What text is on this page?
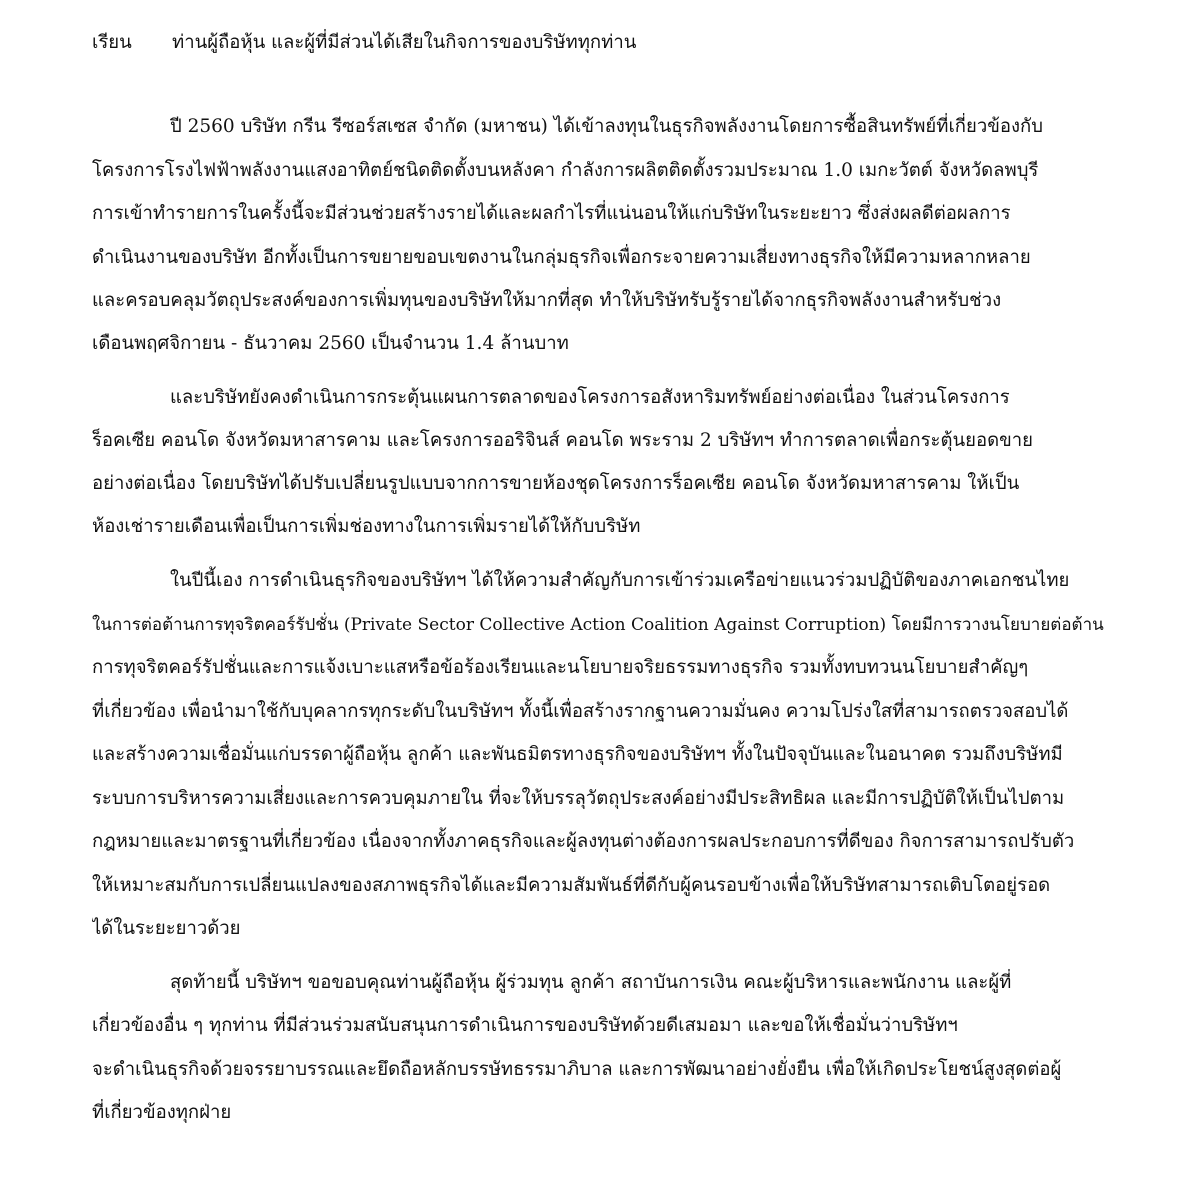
เรียน ท่านผู้ถือหุ้น และผู้ที่มีส่วนได้เสียในกิจการของบริษัททุกท่าน
ปี 2560 บริษัท กรีน รีซอร์สเซส จำกัด (มหาชน) ได้เข้าลงทุนในธุรกิจพลังงานโดยการซื้อสินทรัพย์ที่เกี่ยวข้องกับ
โครงการโรงไฟฟ้าพลังงานแสงอาทิตย์ชนิดติดตั้งบนหลังคา กำลังการผลิตติดตั้งรวมประมาณ 1.0 เมกะวัตต์ จังหวัดลพบุรี
การเข้าทำรายการในครั้งนี้จะมีส่วนช่วยสร้างรายได้และผลกำไรที่แน่นอนให้แก่บริษัทในระยะยาว ซึ่งส่งผลดีต่อผลการ
ดำเนินงานของบริษัท อีกทั้งเป็นการขยายขอบเขตงานในกลุ่มธุรกิจเพื่อกระจายความเสี่ยงทางธุรกิจให้มีความหลากหลาย
และครอบคลุมวัตถุประสงค์ของการเพิ่มทุนของบริษัทให้มากที่สุด ทำให้บริษัทรับรู้รายได้จากธุรกิจพลังงานสำหรับช่วง
เดือนพฤศจิกายน - ธันวาคม 2560 เป็นจำนวน 1.4 ล้านบาท
และบริษัทยังคงดำเนินการกระตุ้นแผนการตลาดของโครงการอสังหาริมทรัพย์อย่างต่อเนื่อง ในส่วนโครงการ
ร็อคเซีย คอนโด จังหวัดมหาสารคาม และโครงการออริจินส์ คอนโด พระราม 2 บริษัทฯ ทำการตลาดเพื่อกระตุ้นยอดขาย
อย่างต่อเนื่อง โดยบริษัทได้ปรับเปลี่ยนรูปแบบจากการขายห้องชุดโครงการร็อคเซีย คอนโด จังหวัดมหาสารคาม ให้เป็น
ห้องเช่ารายเดือนเพื่อเป็นการเพิ่มช่องทางในการเพิ่มรายได้ให้กับบริษัท
ในปีนี้เอง การดำเนินธุรกิจของบริษัทฯ ได้ให้ความสำคัญกับการเข้าร่วมเครือข่ายแนวร่วมปฏิบัติของภาคเอกชนไทย
ในการต่อต้านการทุจริตคอร์รัปชั่น (Private Sector Collective Action Coalition Against Corruption) โดยมีการวางนโยบายต่อต้าน
การทุจริตคอร์รัปชั่นและการแจ้งเบาะแสหรือข้อร้องเรียนและนโยบายจริยธรรมทางธุรกิจ รวมทั้งทบทวนนโยบายสำคัญๆ
ที่เกี่ยวข้อง เพื่อนำมาใช้กับบุคลากรทุกระดับในบริษัทฯ ทั้งนี้เพื่อสร้างรากฐานความมั่นคง ความโปร่งใสที่สามารถตรวจสอบได้
และสร้างความเชื่อมั่นแก่บรรดาผู้ถือหุ้น ลูกค้า และพันธมิตรทางธุรกิจของบริษัทฯ ทั้งในปัจจุบันและในอนาคต รวมถึงบริษัทมี
ระบบการบริหารความเสี่ยงและการควบคุมภายใน ที่จะให้บรรลุวัตถุประสงค์อย่างมีประสิทธิผล และมีการปฏิบัติให้เป็นไปตาม
กฎหมายและมาตรฐานที่เกี่ยวข้อง เนื่องจากทั้งภาคธุรกิจและผู้ลงทุนต่างต้องการผลประกอบการที่ดีของ กิจการสามารถปรับตัว
ให้เหมาะสมกับการเปลี่ยนแปลงของสภาพธุรกิจได้และมีความสัมพันธ์ที่ดีกับผู้คนรอบข้างเพื่อให้บริษัทสามารถเติบโตอยู่รอด
ได้ในระยะยาวด้วย
สุดท้ายนี้ บริษัทฯ ขอขอบคุณท่านผู้ถือหุ้น ผู้ร่วมทุน ลูกค้า สถาบันการเงิน คณะผู้บริหารและพนักงาน และผู้ที่
เกี่ยวข้องอื่น ๆ ทุกท่าน ที่มีส่วนร่วมสนับสนุนการดำเนินการของบริษัทด้วยดีเสมอมา และขอให้เชื่อมั่นว่าบริษัทฯ
จะดำเนินธุรกิจด้วยจรรยาบรรณและยึดถือหลักบรรษัทธรรมาภิบาล และการพัฒนาอย่างยั่งยืน เพื่อให้เกิดประโยชน์สูงสุดต่อผู้
ที่เกี่ยวข้องทุกฝ่าย
